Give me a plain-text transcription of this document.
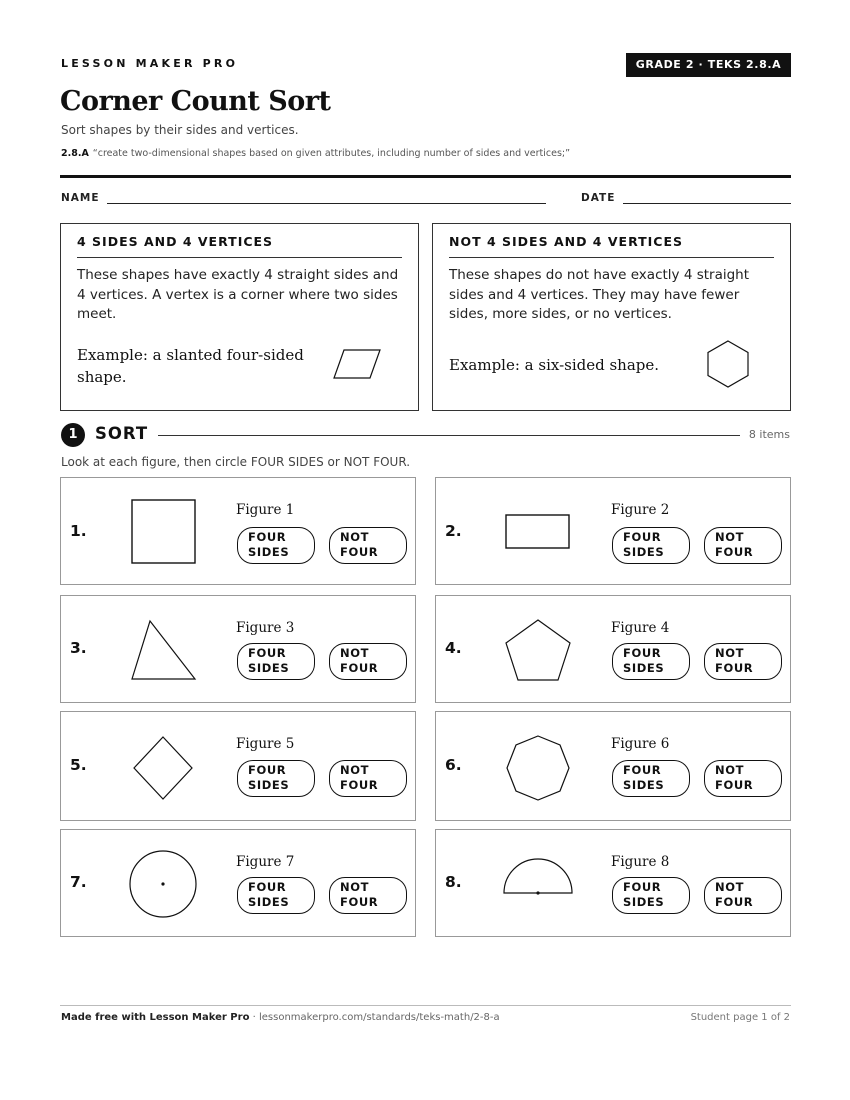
LESSON MAKER PRO	GRADE 2 · TEKS 2.8.A
Corner Count Sort
Sort shapes by their sides and vertices.
2.8.A “create two-dimensional shapes based on given attributes, including number of sides and vertices;”
NAME	DATE
4 SIDES AND 4 VERTICES
These shapes have exactly 4 straight sides and 4 vertices. A vertex is a corner where two sides meet.
Example: a slanted four-sided shape.
NOT 4 SIDES AND 4 VERTICES
These shapes do not have exactly 4 straight sides and 4 vertices. They may have fewer sides, more sides, or no vertices.
Example: a six-sided shape.
1	SORT	8 items
Look at each figure, then circle FOUR SIDES or NOT FOUR.
1.
Figure 1
FOUR
SIDES
NOT
FOUR
2.
Figure 2
FOUR
SIDES
NOT
FOUR
3.
Figure 3
FOUR
SIDES
NOT
FOUR
4.
Figure 4
FOUR
SIDES
NOT
FOUR
5.
Figure 5
FOUR
SIDES
NOT
FOUR
6.
Figure 6
FOUR
SIDES
NOT
FOUR
7.
Figure 7
FOUR
SIDES
NOT
FOUR
8.
Figure 8
FOUR
SIDES
NOT
FOUR
Made free with Lesson Maker Pro · lessonmakerpro.com/standards/teks-math/2-8-a	Student page 1 of 2
